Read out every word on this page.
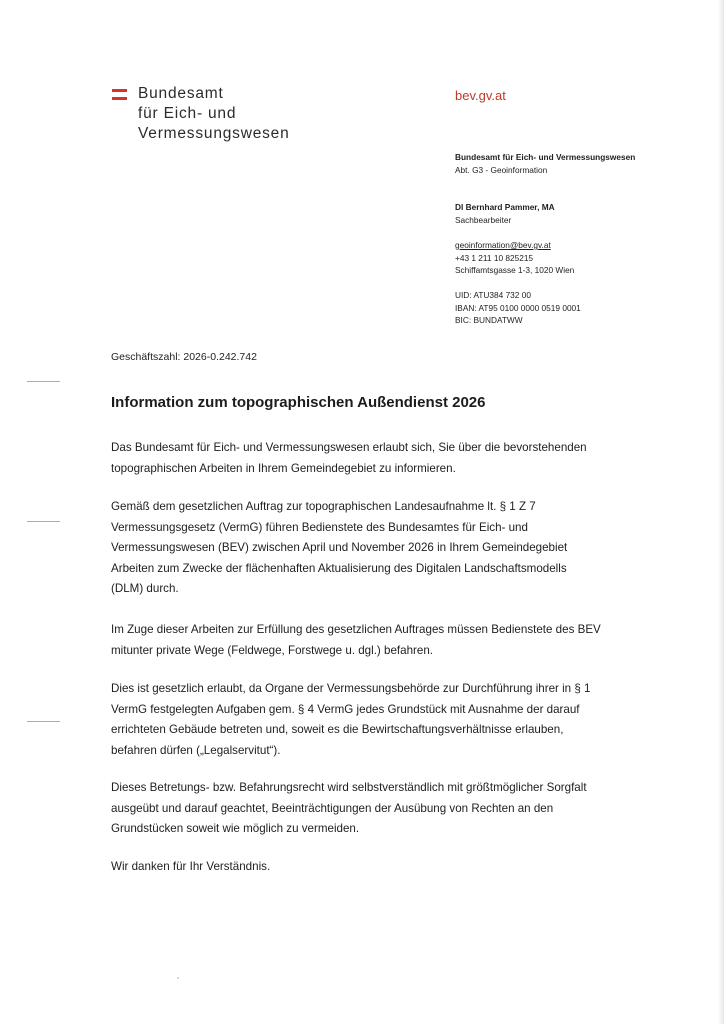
Bundesamt
für Eich- und
Vermessungswesen
bev.gv.at
Bundesamt für Eich- und Vermessungswesen
Abt. G3 - Geoinformation
DI Bernhard Pammer, MA
Sachbearbeiter
geoinformation@bev.gv.at
+43 1 211 10 825215
Schiffamtsgasse 1-3, 1020 Wien
UID: ATU384 732 00
IBAN: AT95 0100 0000 0519 0001
BIC: BUNDATWW
Geschäftszahl: 2026-0.242.742
Information zum topographischen Außendienst 2026
Das Bundesamt für Eich- und Vermessungswesen erlaubt sich, Sie über die bevorstehenden
topographischen Arbeiten in Ihrem Gemeindegebiet zu informieren.
Gemäß dem gesetzlichen Auftrag zur topographischen Landesaufnahme lt. § 1 Z 7
Vermessungsgesetz (VermG) führen Bedienstete des Bundesamtes für Eich- und
Vermessungswesen (BEV) zwischen April und November 2026 in Ihrem Gemeindegebiet
Arbeiten zum Zwecke der flächenhaften Aktualisierung des Digitalen Landschaftsmodells
(DLM) durch.
Im Zuge dieser Arbeiten zur Erfüllung des gesetzlichen Auftrages müssen Bedienstete des BEV
mitunter private Wege (Feldwege, Forstwege u. dgl.) befahren.
Dies ist gesetzlich erlaubt, da Organe der Vermessungsbehörde zur Durchführung ihrer in § 1
VermG festgelegten Aufgaben gem. § 4 VermG jedes Grundstück mit Ausnahme der darauf
errichteten Gebäude betreten und, soweit es die Bewirtschaftungsverhältnisse erlauben,
befahren dürfen („Legalservitut“).
Dieses Betretungs- bzw. Befahrungsrecht wird selbstverständlich mit größtmöglicher Sorgfalt
ausgeübt und darauf geachtet, Beeinträchtigungen der Ausübung von Rechten an den
Grundstücken soweit wie möglich zu vermeiden.
Wir danken für Ihr Verständnis.
